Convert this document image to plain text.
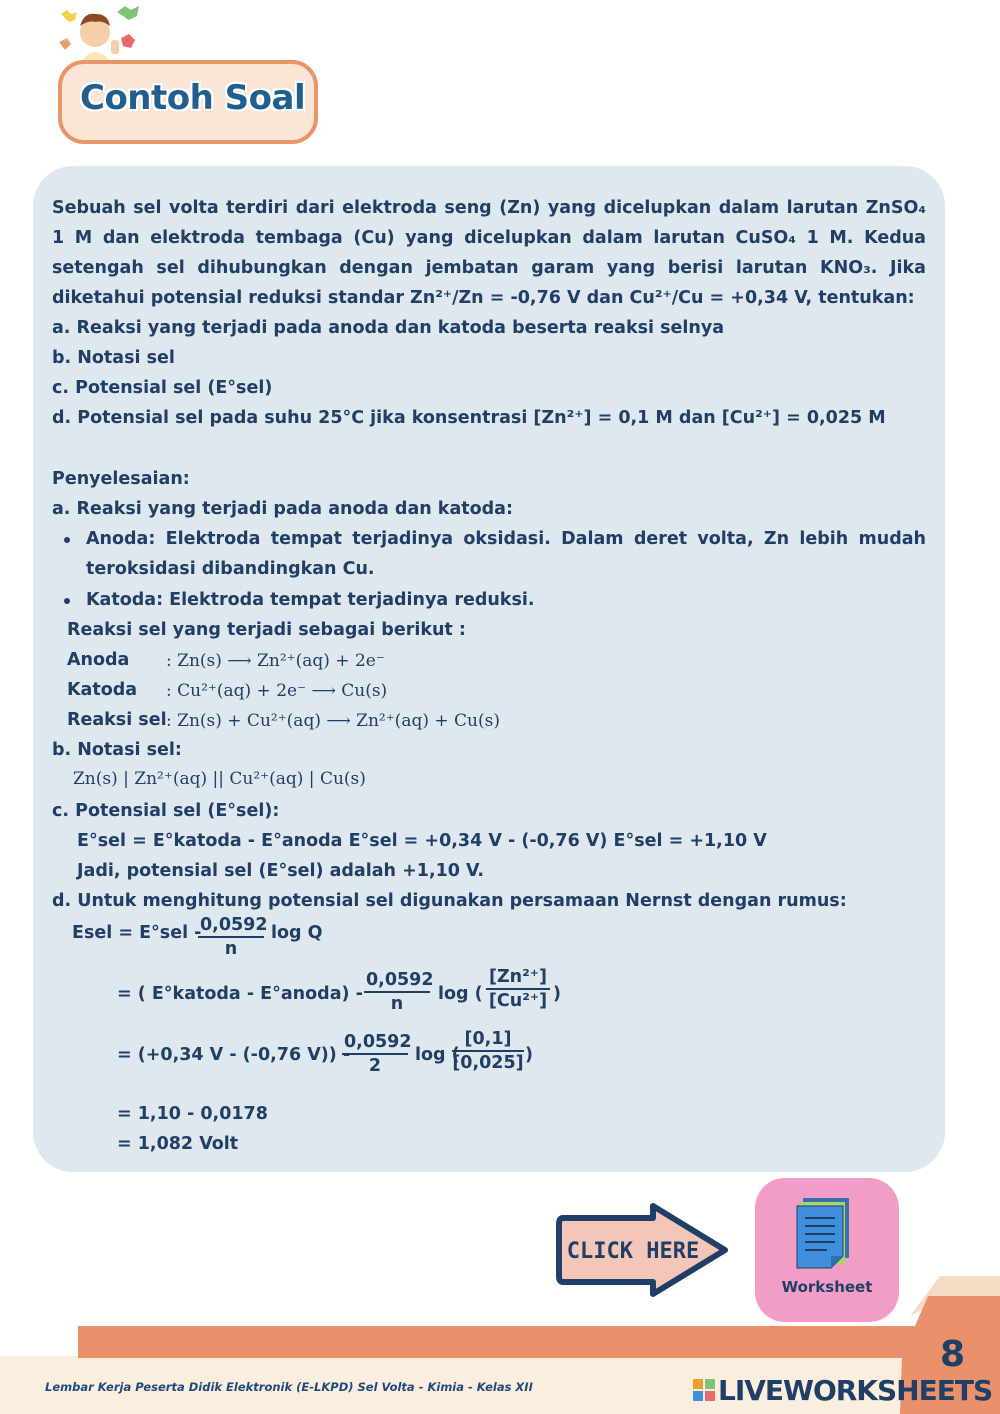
Contoh Soal
Sebuah sel volta terdiri dari elektroda seng (Zn) yang dicelupkan dalam larutan ZnSO₄
1 M dan elektroda tembaga (Cu) yang dicelupkan dalam larutan CuSO₄ 1 M. Kedua
setengah sel dihubungkan dengan jembatan garam yang berisi larutan KNO₃. Jika
diketahui potensial reduksi standar Zn²⁺/Zn = -0,76 V dan Cu²⁺/Cu = +0,34 V, tentukan:
a. Reaksi yang terjadi pada anoda dan katoda beserta reaksi selnya
b. Notasi sel
c. Potensial sel (E°sel)
d. Potensial sel pada suhu 25°C jika konsentrasi [Zn²⁺] = 0,1 M dan [Cu²⁺] = 0,025 M
Penyelesaian:
a. Reaksi yang terjadi pada anoda dan katoda:
Anoda: Elektroda tempat terjadinya oksidasi. Dalam deret volta, Zn lebih mudah
teroksidasi dibandingkan Cu.
Katoda: Elektroda tempat terjadinya reduksi.
Reaksi sel yang terjadi sebagai berikut :
Anoda : Zn(s) ⟶ Zn²⁺(aq) + 2e⁻
Katoda : Cu²⁺(aq) + 2e⁻ ⟶ Cu(s)
Reaksi sel : Zn(s) + Cu²⁺(aq) ⟶ Zn²⁺(aq) + Cu(s)
b. Notasi sel:
Zn(s) | Zn²⁺(aq) || Cu²⁺(aq) | Cu(s)
c. Potensial sel (E°sel):
E°sel = E°katoda - E°anoda E°sel = +0,34 V - (-0,76 V) E°sel = +1,10 V
Jadi, potensial sel (E°sel) adalah +1,10 V.
d. Untuk menghitung potensial sel digunakan persamaan Nernst dengan rumus:
Esel = E°sel -
$\frac{0,0592}{n}$ log Q
= ( E°katoda - E°anoda) - $\frac{0,0592}{n}$ log ( $\frac{\text{[Zn²⁺]}}{\text{[Cu²⁺]}}$ )
= (+0,34 V - (-0,76 V)) -
$\frac{0,0592}{2}$ log (
$\frac{[0,1]}{[0,025]}$ )
= 1,10 - 0,0178
= 1,082 Volt
CLICK HERE
Worksheet
8
Lembar Kerja Peserta Didik Elektronik (E-LKPD) Sel Volta - Kimia - Kelas XII	LIVEWORKSHEETS
